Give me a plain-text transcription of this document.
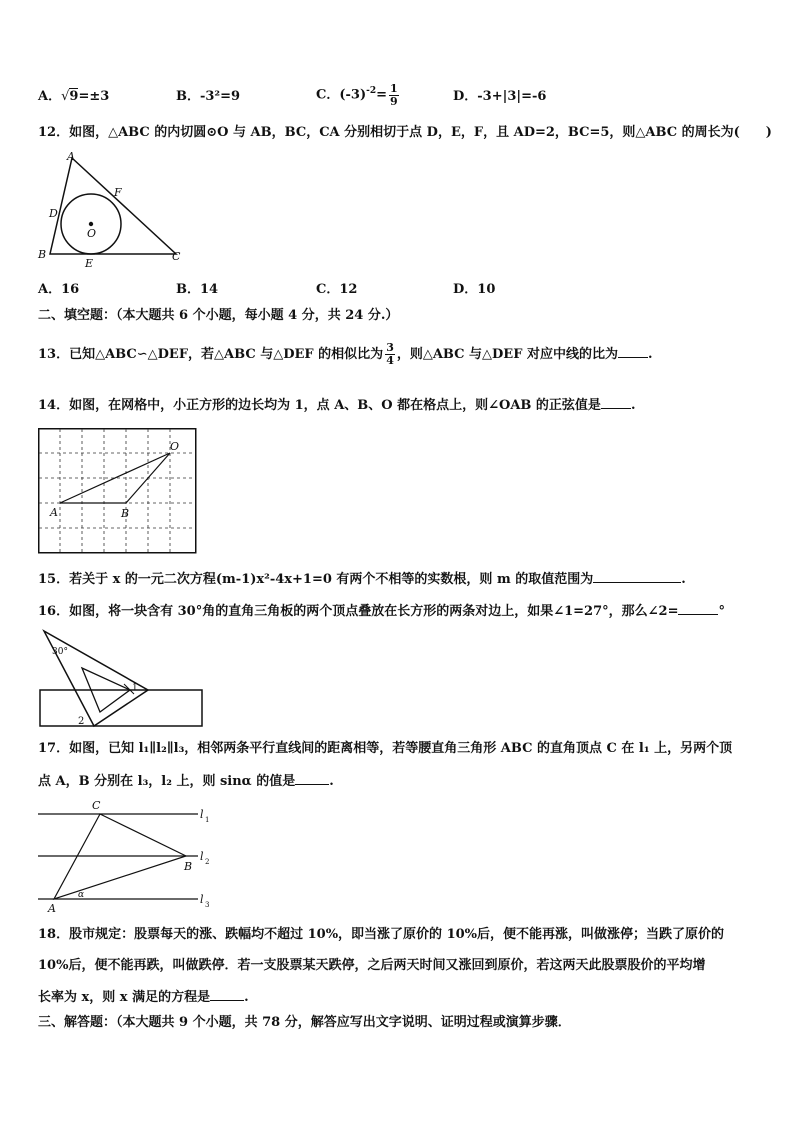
A．√9=±3	B．-3²=9	C．$(-3)^{-2}= \frac{1}{9}$	D．-3+|3|=-6
12．如图，△ABC 的内切圆⊙O 与 AB，BC，CA 分别相切于点 D，E，F，且 AD=2，BC=5，则△ABC 的周长为(　　)
A
B	C
D
E
F
O
A．16	B．14	C．12	D．10
二、填空题：（本大题共 6 个小题，每小题 4 分，共 24 分.）
13．已知△ABC∽△DEF，若△ABC 与△DEF 的相似比为 $\frac{3}{4}$ ，则△ABC 与△DEF 对应中线的比为 .
14．如图，在网格中，小正方形的边长均为 1，点 A、B、O 都在格点上，则∠OAB 的正弦值是 .
A	B
O
15．若关于 x 的一元二次方程(m-1)x²-4x+1=0 有两个不相等的实数根，则 m 的取值范围为	.
16．如图，将一块含有 30°角的直角三角板的两个顶点叠放在长方形的两条对边上，如果∠1=27°，那么∠2=	°
30°
1
2
17．如图，已知 l₁∥l₂∥l₃，相邻两条平行直线间的距离相等，若等腰直角三角形 ABC 的直角顶点 C 在 l₁ 上，另两个顶
点 A，B 分别在 l₃，l₂ 上，则 sinα 的值是	.
C
B
A
α
l 1
l 2
l 3
18．股市规定：股票每天的涨、跌幅均不超过 10%，即当涨了原价的 10%后，便不能再涨，叫做涨停；当跌了原价的
10%后，便不能再跌，叫做跌停．若一支股票某天跌停，之后两天时间又涨回到原价，若这两天此股票股价的平均增
长率为 x，则 x 满足的方程是	.
三、解答题：（本大题共 9 个小题，共 78 分，解答应写出文字说明、证明过程或演算步骤．
